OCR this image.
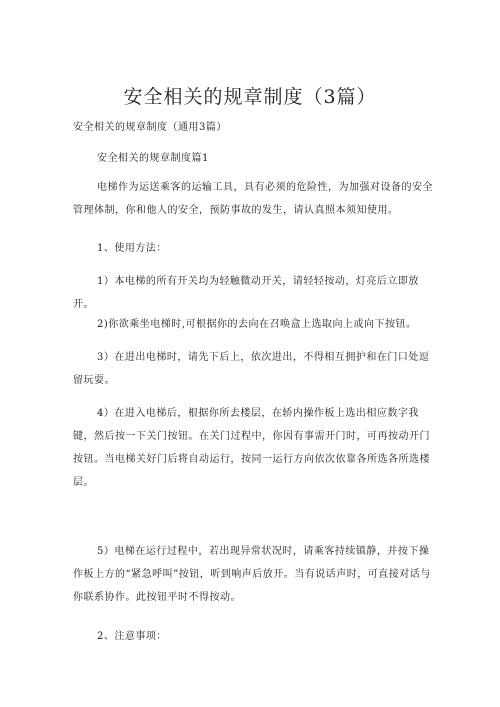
安全相关的规章制度（3篇）
安全相关的规章制度（通用3篇）
安全相关的规章制度篇1

电梯作为运送乘客的运输工具，具有必须的危险性，为加强对设备的安全管理体制，你和他人的安全，预防事故的发生，请认真照本须知使用。

1、使用方法：

1）本电梯的所有开关均为轻触微动开关，请轻轻按动，灯亮后立即放开。

2)你欲乘坐电梯时,可根据你的去向在召唤盒上选取向上或向下按钮。

3）在进出电梯时，请先下后上，依次进出，不得相互拥护和在门口处逗留玩耍。

4）在进入电梯后，根据你所去楼层，在轿内操作板上选出相应数字我键，然后按一下关门按钮。在关门过程中，你因有事需开门时，可再按动开门按钮。当电梯关好门后将自动运行，按同一运行方向依次依靠各所选各所选楼层。

5）电梯在运行过程中，若出现异常状况时，请乘客持续镇静，并按下操作板上方的“紧急呼叫”按钮，听到响声后放开。当有说话声时，可直接对话与你联系协作。此按钮平时不得按动。

2、注意事项：
